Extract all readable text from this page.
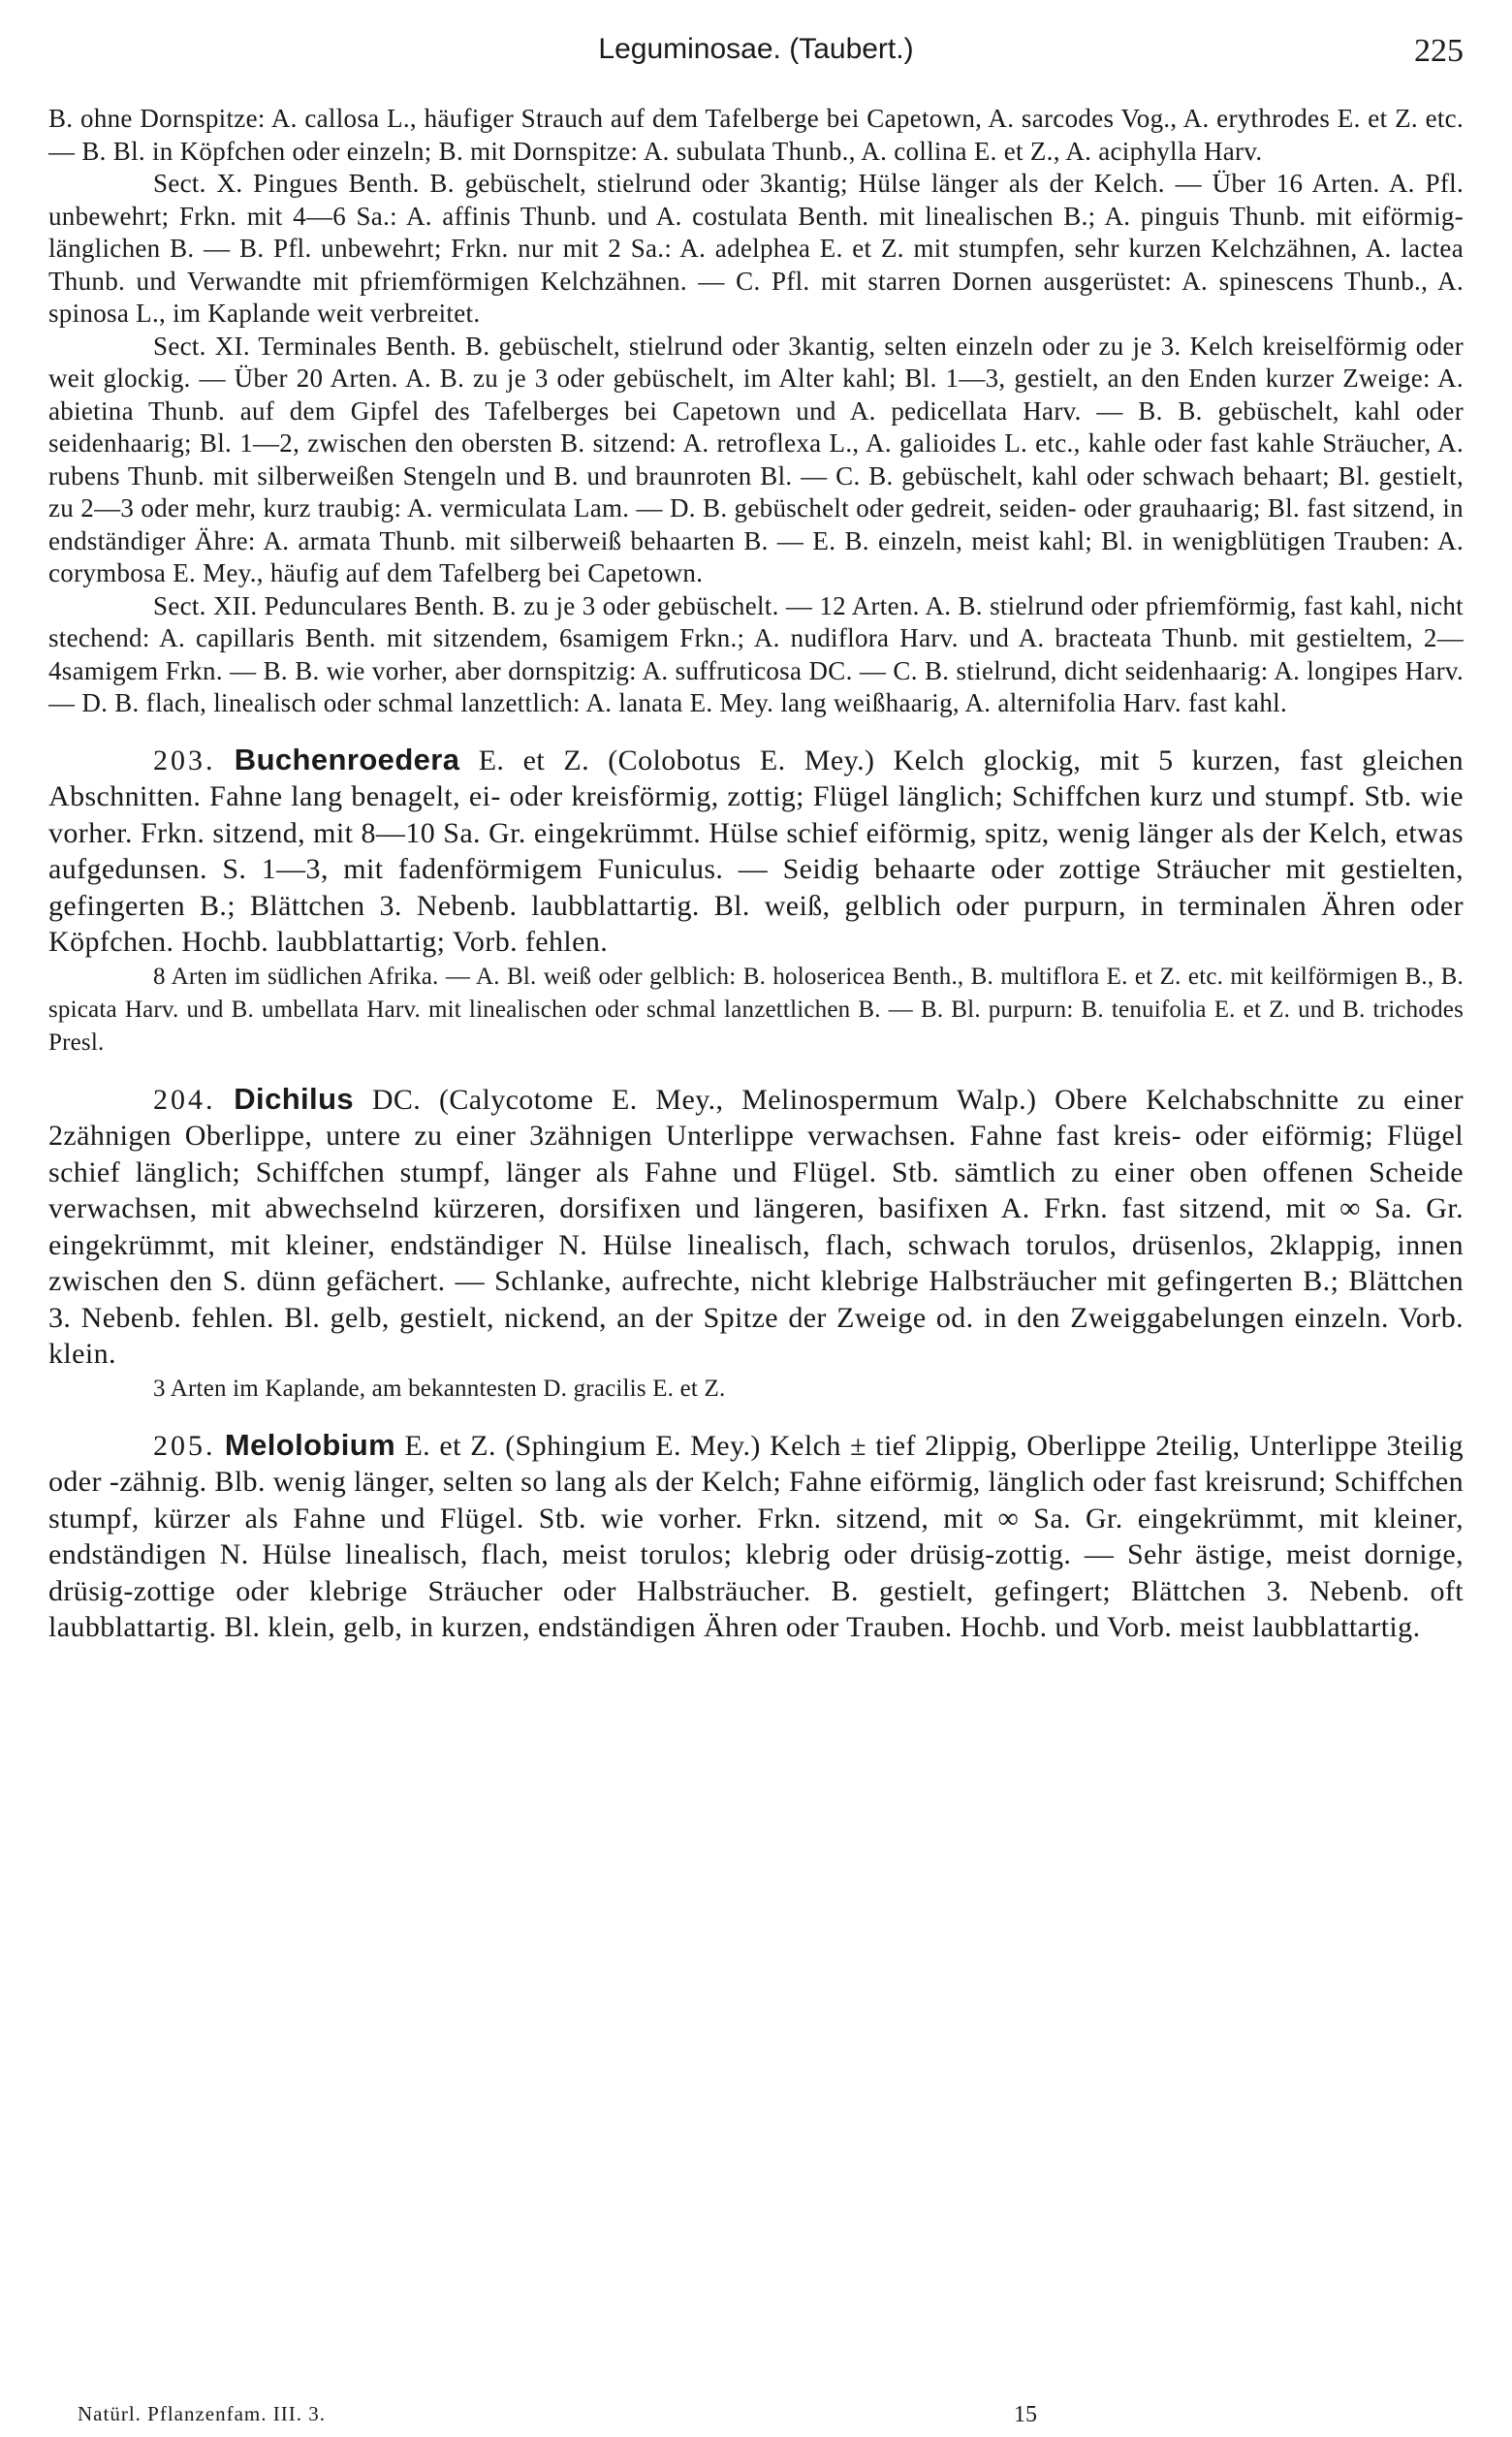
Leguminosae. (Taubert.)	225

B. ohne Dornspitze: A. callosa L., häufiger Strauch auf dem Tafelberge bei Capetown, A. sarcodes Vog., A. erythrodes E. et Z. etc. — B. Bl. in Köpfchen oder einzeln; B. mit Dornspitze: A. subulata Thunb., A. collina E. et Z., A. aciphylla Harv.

Sect. X. Pingues Benth. B. gebüschelt, stielrund oder 3kantig; Hülse länger als der Kelch. — Über 16 Arten. A. Pfl. unbewehrt; Frkn. mit 4—6 Sa.: A. affinis Thunb. und A. costulata Benth. mit linealischen B.; A. pinguis Thunb. mit eiförmig-länglichen B. — B. Pfl. unbewehrt; Frkn. nur mit 2 Sa.: A. adelphea E. et Z. mit stumpfen, sehr kurzen Kelchzähnen, A. lactea Thunb. und Verwandte mit pfriemförmigen Kelchzähnen. — C. Pfl. mit starren Dornen ausgerüstet: A. spinescens Thunb., A. spinosa L., im Kaplande weit verbreitet.

Sect. XI. Terminales Benth. B. gebüschelt, stielrund oder 3kantig, selten einzeln oder zu je 3. Kelch kreiselförmig oder weit glockig. — Über 20 Arten. A. B. zu je 3 oder gebüschelt, im Alter kahl; Bl. 1—3, gestielt, an den Enden kurzer Zweige: A. abietina Thunb. auf dem Gipfel des Tafelberges bei Capetown und A. pedicellata Harv. — B. B. gebüschelt, kahl oder seidenhaarig; Bl. 1—2, zwischen den obersten B. sitzend: A. retroflexa L., A. galioides L. etc., kahle oder fast kahle Sträucher, A. rubens Thunb. mit silberweißen Stengeln und B. und braunroten Bl. — C. B. gebüschelt, kahl oder schwach behaart; Bl. gestielt, zu 2—3 oder mehr, kurz traubig: A. vermiculata Lam. — D. B. gebüschelt oder gedreit, seiden- oder grauhaarig; Bl. fast sitzend, in endständiger Ähre: A. armata Thunb. mit silberweiß behaarten B. — E. B. einzeln, meist kahl; Bl. in wenigblütigen Trauben: A. corymbosa E. Mey., häufig auf dem Tafelberg bei Capetown.

Sect. XII. Pedunculares Benth. B. zu je 3 oder gebüschelt. — 12 Arten. A. B. stielrund oder pfriemförmig, fast kahl, nicht stechend: A. capillaris Benth. mit sitzendem, 6samigem Frkn.; A. nudiflora Harv. und A. bracteata Thunb. mit gestieltem, 2—4samigem Frkn. — B. B. wie vorher, aber dornspitzig: A. suffruticosa DC. — C. B. stielrund, dicht seidenhaarig: A. longipes Harv. — D. B. flach, linealisch oder schmal lanzettlich: A. lanata E. Mey. lang weißhaarig, A. alternifolia Harv. fast kahl.

203. Buchenroedera E. et Z. (Colobotus E. Mey.) Kelch glockig, mit 5 kurzen, fast gleichen Abschnitten. Fahne lang benagelt, ei- oder kreisförmig, zottig; Flügel länglich; Schiffchen kurz und stumpf. Stb. wie vorher. Frkn. sitzend, mit 8—10 Sa. Gr. eingekrümmt. Hülse schief eiförmig, spitz, wenig länger als der Kelch, etwas aufgedunsen. S. 1—3, mit fadenförmigem Funiculus. — Seidig behaarte oder zottige Sträucher mit gestielten, gefingerten B.; Blättchen 3. Nebenb. laubblattartig. Bl. weiß, gelblich oder purpurn, in terminalen Ähren oder Köpfchen. Hochb. laubblattartig; Vorb. fehlen.

8 Arten im südlichen Afrika. — A. Bl. weiß oder gelblich: B. holosericea Benth., B. multiflora E. et Z. etc. mit keilförmigen B., B. spicata Harv. und B. umbellata Harv. mit linealischen oder schmal lanzettlichen B. — B. Bl. purpurn: B. tenuifolia E. et Z. und B. trichodes Presl.

204. Dichilus DC. (Calycotome E. Mey., Melinospermum Walp.) Obere Kelchabschnitte zu einer 2zähnigen Oberlippe, untere zu einer 3zähnigen Unterlippe verwachsen. Fahne fast kreis- oder eiförmig; Flügel schief länglich; Schiffchen stumpf, länger als Fahne und Flügel. Stb. sämtlich zu einer oben offenen Scheide verwachsen, mit abwechselnd kürzeren, dorsifixen und längeren, basifixen A. Frkn. fast sitzend, mit ∞ Sa. Gr. eingekrümmt, mit kleiner, endständiger N. Hülse linealisch, flach, schwach torulos, drüsenlos, 2klappig, innen zwischen den S. dünn gefächert. — Schlanke, aufrechte, nicht klebrige Halbsträucher mit gefingerten B.; Blättchen 3. Nebenb. fehlen. Bl. gelb, gestielt, nickend, an der Spitze der Zweige od. in den Zweiggabelungen einzeln. Vorb. klein.

3 Arten im Kaplande, am bekanntesten D. gracilis E. et Z.

205. Melolobium E. et Z. (Sphingium E. Mey.) Kelch ± tief 2lippig, Oberlippe 2teilig, Unterlippe 3teilig oder -zähnig. Blb. wenig länger, selten so lang als der Kelch; Fahne eiförmig, länglich oder fast kreisrund; Schiffchen stumpf, kürzer als Fahne und Flügel. Stb. wie vorher. Frkn. sitzend, mit ∞ Sa. Gr. eingekrümmt, mit kleiner, endständigen N. Hülse linealisch, flach, meist torulos; klebrig oder drüsig-zottig. — Sehr ästige, meist dornige, drüsig-zottige oder klebrige Sträucher oder Halbsträucher. B. gestielt, gefingert; Blättchen 3. Nebenb. oft laubblattartig. Bl. klein, gelb, in kurzen, endständigen Ähren oder Trauben. Hochb. und Vorb. meist laubblattartig.

Natürl. Pflanzenfam. III. 3.	15
